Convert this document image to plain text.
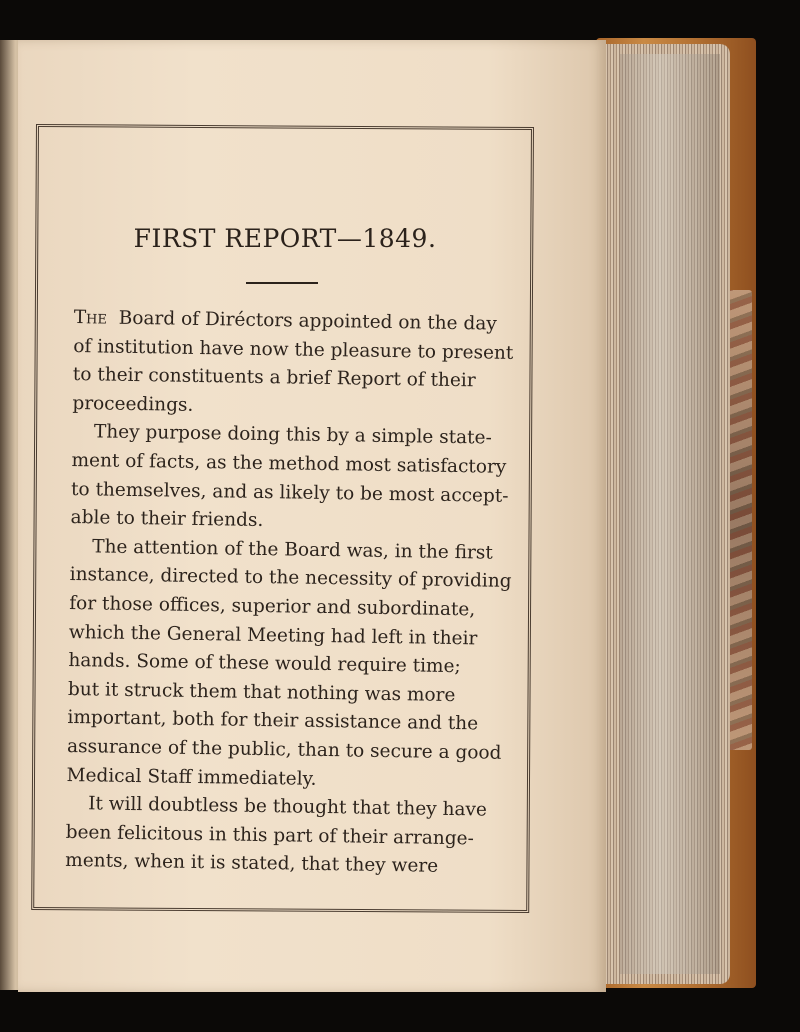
FIRST REPORT—1849.
The Board of Diréctors appointed on the day
of institution have now the pleasure to present
to their constituents a brief Report of their
proceedings.
They purpose doing this by a simple state-
ment of facts, as the method most satisfactory
to themselves, and as likely to be most accept-
able to their friends.
The attention of the Board was, in the first
instance, directed to the necessity of providing
for those offices, superior and subordinate,
which the General Meeting had left in their
hands. Some of these would require time;
but it struck them that nothing was more
important, both for their assistance and the
assurance of the public, than to secure a good
Medical Staff immediately.
It will doubtless be thought that they have
been felicitous in this part of their arrange-
ments, when it is stated, that they were
